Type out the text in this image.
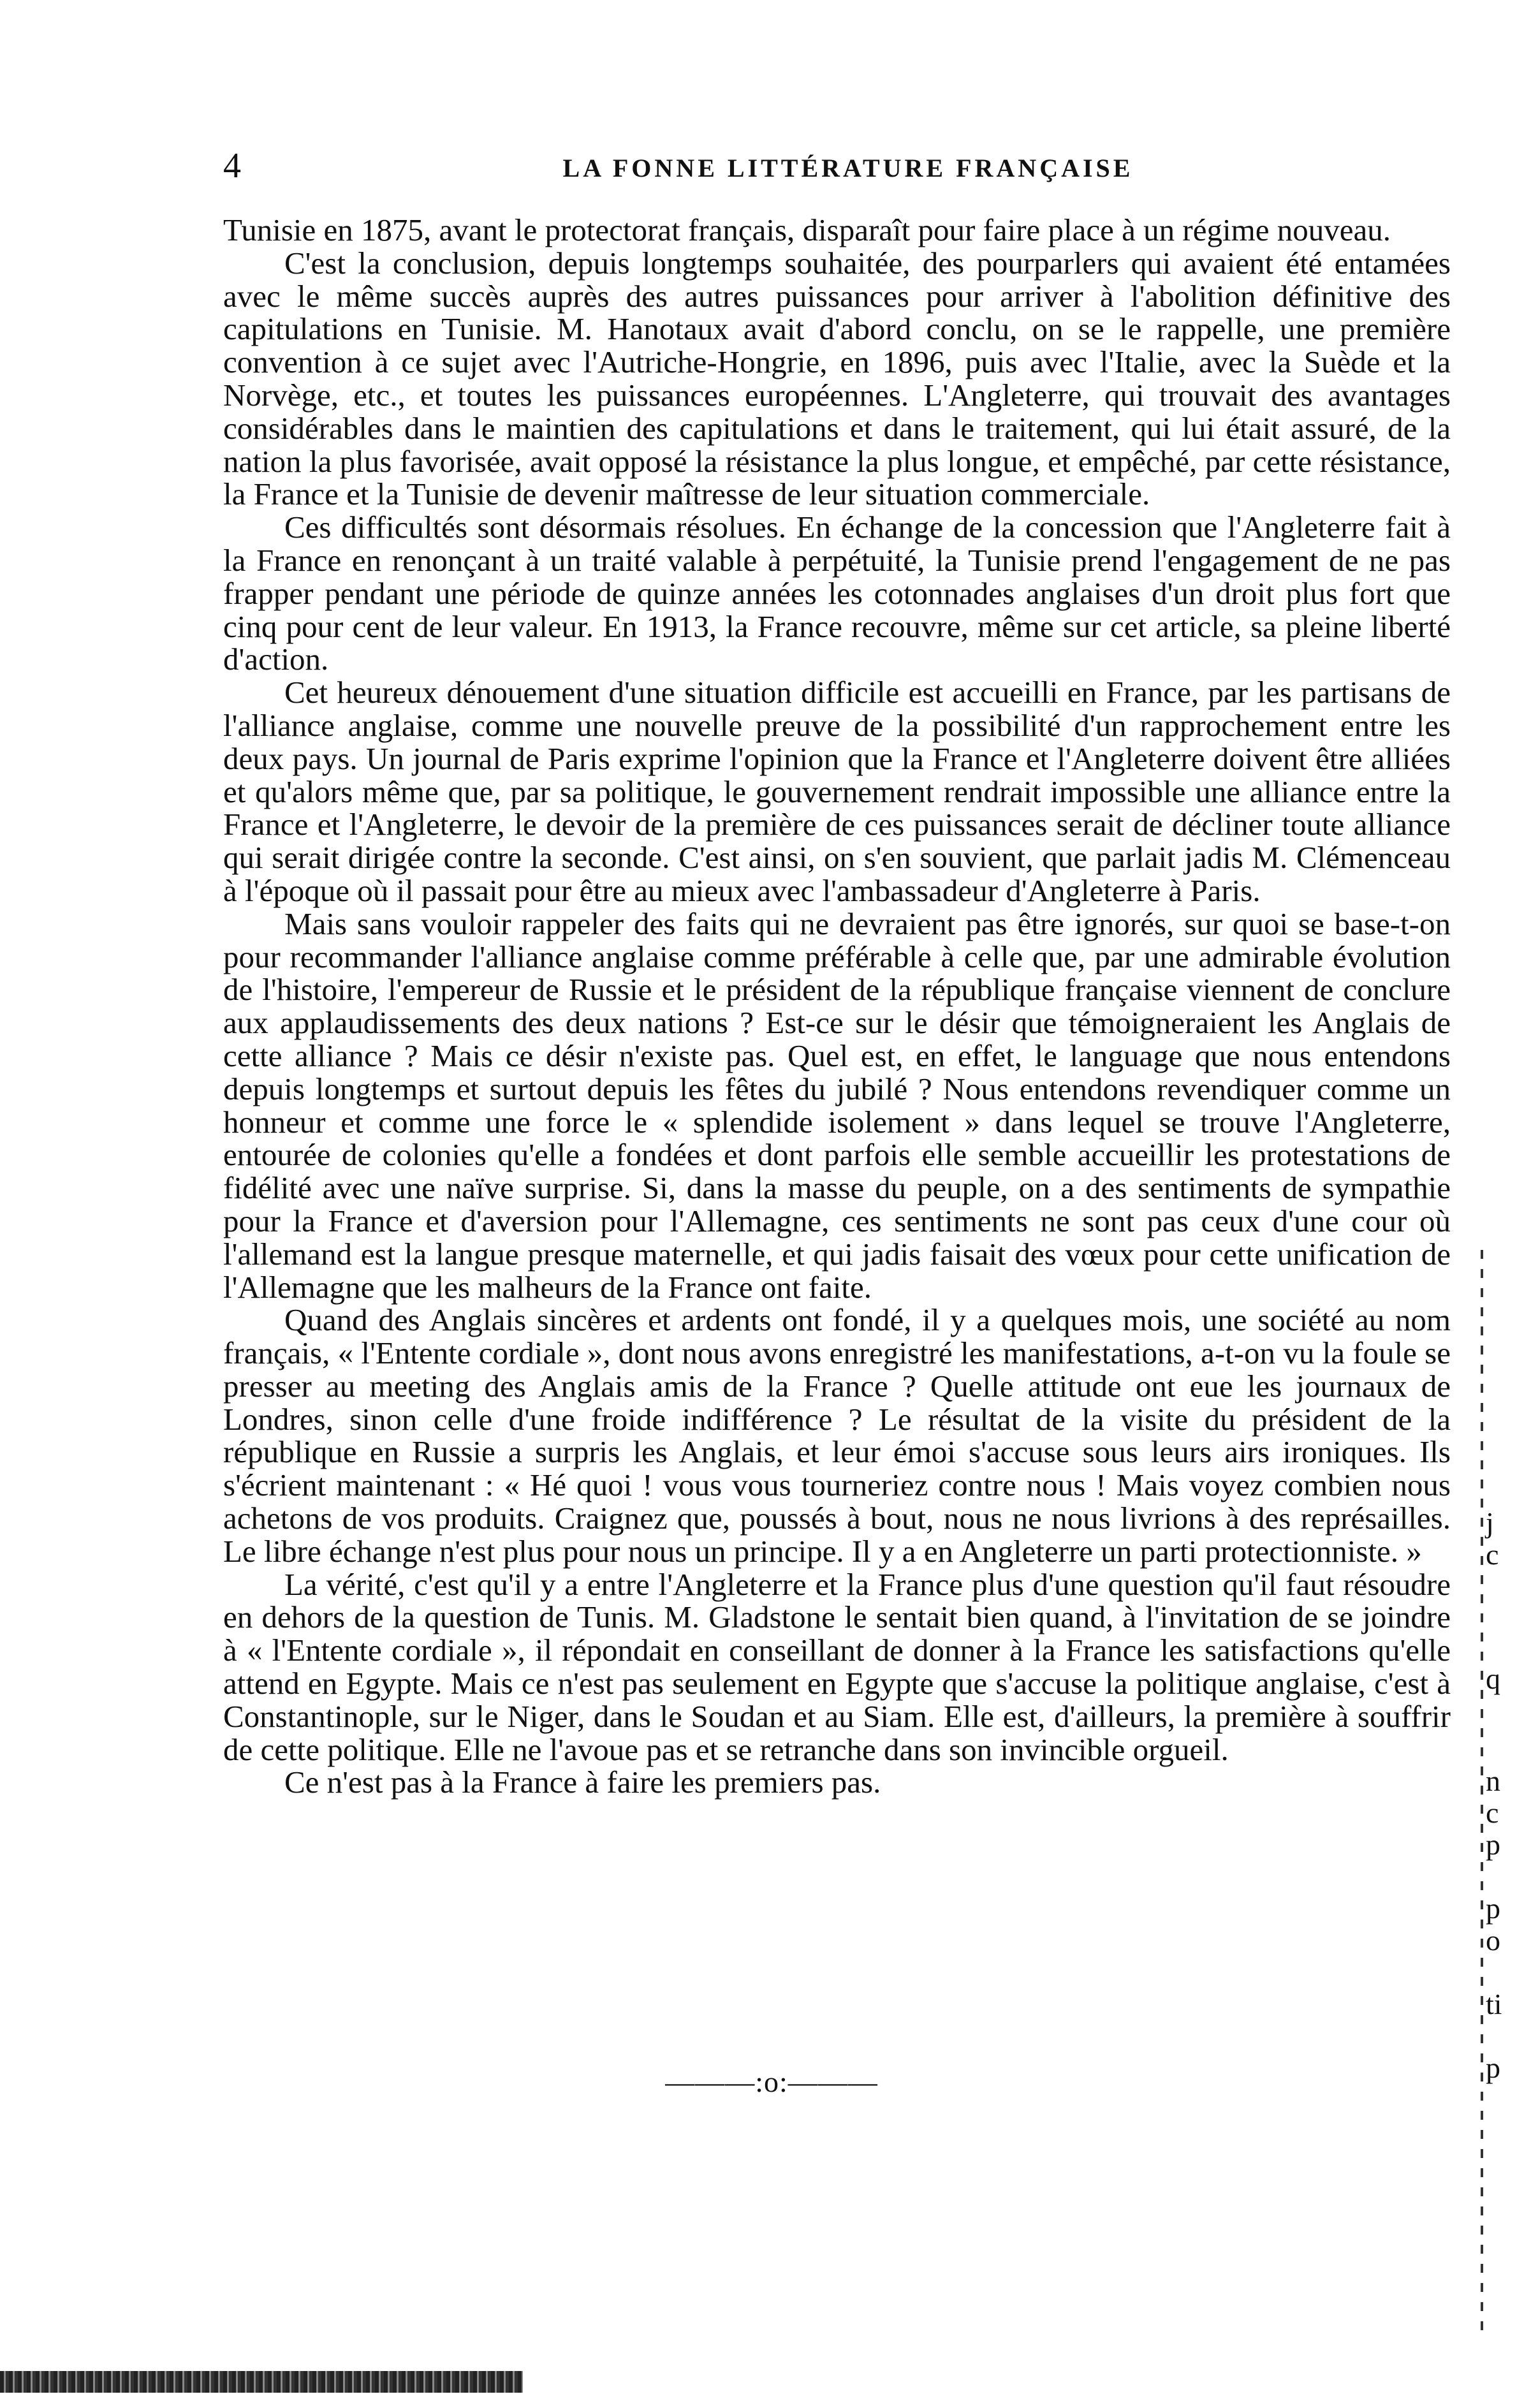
4	LA FONNE LITTÉRATURE FRANÇAISE

Tunisie en 1875, avant le protectorat français, disparaît pour faire place à un régime nouveau.

C'est la conclusion, depuis longtemps souhaitée, des pourparlers qui avaient été entamées avec le même succès auprès des autres puissances pour arriver à l'abolition définitive des capitulations en Tunisie. M. Hanotaux avait d'abord conclu, on se le rappelle, une première convention à ce sujet avec l'Autriche-Hongrie, en 1896, puis avec l'Italie, avec la Suède et la Norvège, etc., et toutes les puissances européennes. L'Angleterre, qui trouvait des avantages considérables dans le maintien des capitulations et dans le traitement, qui lui était assuré, de la nation la plus favorisée, avait opposé la résistance la plus longue, et empêché, par cette résistance, la France et la Tunisie de devenir maîtresse de leur situation commerciale.

Ces difficultés sont désormais résolues. En échange de la concession que l'Angleterre fait à la France en renonçant à un traité valable à perpétuité, la Tunisie prend l'engagement de ne pas frapper pendant une période de quinze années les cotonnades anglaises d'un droit plus fort que cinq pour cent de leur valeur. En 1913, la France recouvre, même sur cet article, sa pleine liberté d'action.

Cet heureux dénouement d'une situation difficile est accueilli en France, par les partisans de l'alliance anglaise, comme une nouvelle preuve de la possibilité d'un rapprochement entre les deux pays. Un journal de Paris exprime l'opinion que la France et l'Angleterre doivent être alliées et qu'alors même que, par sa politique, le gouvernement rendrait impossible une alliance entre la France et l'Angleterre, le devoir de la première de ces puissances serait de décliner toute alliance qui serait dirigée contre la seconde. C'est ainsi, on s'en souvient, que parlait jadis M. Clémenceau à l'époque où il passait pour être au mieux avec l'ambassadeur d'Angleterre à Paris.

Mais sans vouloir rappeler des faits qui ne devraient pas être ignorés, sur quoi se base-t-on pour recommander l'alliance anglaise comme préférable à celle que, par une admirable évolution de l'histoire, l'empereur de Russie et le président de la république française viennent de conclure aux applaudissements des deux nations ? Est-ce sur le désir que témoigneraient les Anglais de cette alliance ? Mais ce désir n'existe pas. Quel est, en effet, le language que nous entendons depuis longtemps et surtout depuis les fêtes du jubilé ? Nous entendons revendiquer comme un honneur et comme une force le « splendide isolement » dans lequel se trouve l'Angleterre, entourée de colonies qu'elle a fondées et dont parfois elle semble accueillir les protestations de fidélité avec une naïve surprise. Si, dans la masse du peuple, on a des sentiments de sympathie pour la France et d'aversion pour l'Allemagne, ces sentiments ne sont pas ceux d'une cour où l'allemand est la langue presque maternelle, et qui jadis faisait des vœux pour cette unification de l'Allemagne que les malheurs de la France ont faite.

Quand des Anglais sincères et ardents ont fondé, il y a quelques mois, une société au nom français, « l'Entente cordiale », dont nous avons enregistré les manifestations, a-t-on vu la foule se presser au meeting des Anglais amis de la France ? Quelle attitude ont eue les journaux de Londres, sinon celle d'une froide indifférence ? Le résultat de la visite du président de la république en Russie a surpris les Anglais, et leur émoi s'accuse sous leurs airs ironiques. Ils s'écrient maintenant : « Hé quoi ! vous vous tourneriez contre nous ! Mais voyez combien nous achetons de vos produits. Craignez que, poussés à bout, nous ne nous livrions à des représailles. Le libre échange n'est plus pour nous un principe. Il y a en Angleterre un parti protectionniste. »

La vérité, c'est qu'il y a entre l'Angleterre et la France plus d'une question qu'il faut résoudre en dehors de la question de Tunis. M. Gladstone le sentait bien quand, à l'invitation de se joindre à « l'Entente cordiale », il répondait en conseillant de donner à la France les satisfactions qu'elle attend en Egypte. Mais ce n'est pas seulement en Egypte que s'accuse la politique anglaise, c'est à Constantinople, sur le Niger, dans le Soudan et au Siam. Elle est, d'ailleurs, la première à souffrir de cette politique. Elle ne l'avoue pas et se retranche dans son invincible orgueil.

Ce n'est pas à la France à faire les premiers pas.

———:o:———
j
c
q
n
c
p
p
o
ti
p
